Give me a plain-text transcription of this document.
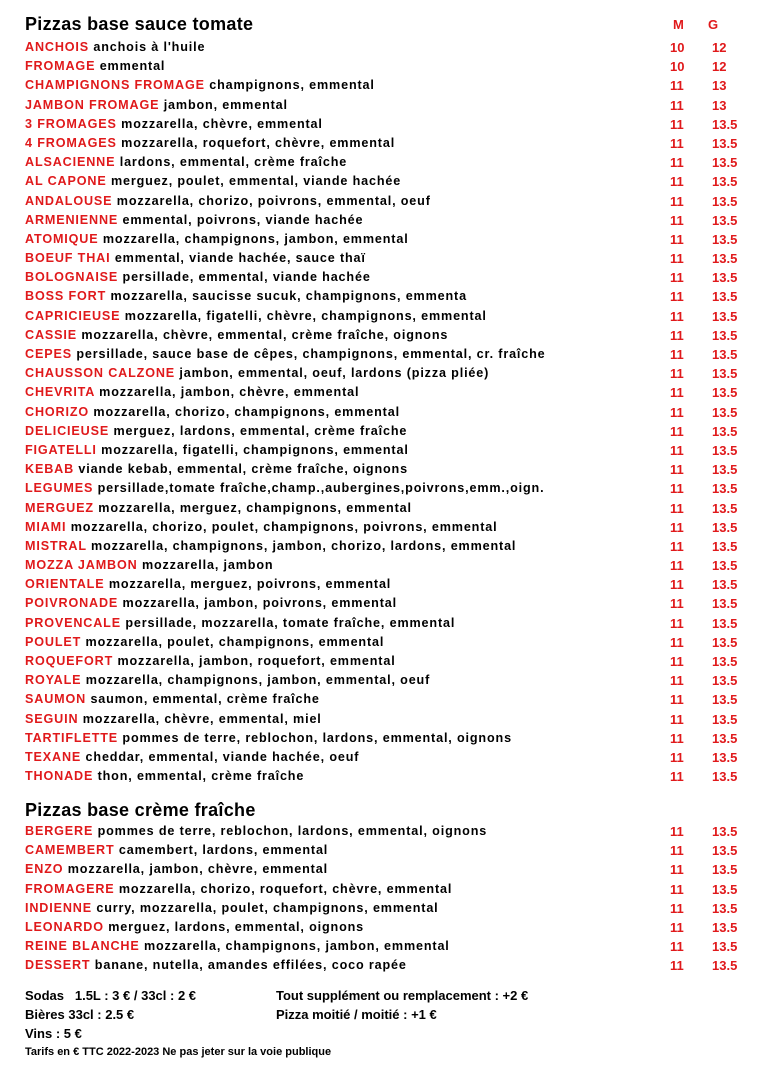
Pizzas base sauce tomate	M G
ANCHOIS anchois à l'huile	10 12
FROMAGE emmental	10 12
CHAMPIGNONS FROMAGE champignons, emmental	11 13
JAMBON FROMAGE jambon, emmental	11 13
3 FROMAGES mozzarella, chèvre, emmental	11 13.5
4 FROMAGES mozzarella, roquefort, chèvre, emmental	11 13.5
ALSACIENNE lardons, emmental, crème fraîche	11 13.5
AL CAPONE merguez, poulet, emmental, viande hachée	11 13.5
ANDALOUSE mozzarella, chorizo, poivrons, emmental, oeuf	11 13.5
ARMENIENNE emmental, poivrons, viande hachée	11 13.5
ATOMIQUE mozzarella, champignons, jambon, emmental	11 13.5
BOEUF THAI emmental, viande hachée, sauce thaï	11 13.5
BOLOGNAISE persillade, emmental, viande hachée	11 13.5
BOSS FORT mozzarella, saucisse sucuk, champignons, emmenta	11 13.5
CAPRICIEUSE mozzarella, figatelli, chèvre, champignons, emmental	11 13.5
CASSIE mozzarella, chèvre, emmental, crème fraîche, oignons	11 13.5
CEPES persillade, sauce base de cêpes, champignons, emmental, cr. fraîche	11 13.5
CHAUSSON CALZONE jambon, emmental, oeuf, lardons (pizza pliée)	11 13.5
CHEVRITA mozzarella, jambon, chèvre, emmental	11 13.5
CHORIZO mozzarella, chorizo, champignons, emmental	11 13.5
DELICIEUSE merguez, lardons, emmental, crème fraîche	11 13.5
FIGATELLI mozzarella, figatelli, champignons, emmental	11 13.5
KEBAB viande kebab, emmental, crème fraîche, oignons	11 13.5
LEGUMES persillade,tomate fraîche,champ.,aubergines,poivrons,emm.,oign.	11 13.5
MERGUEZ mozzarella, merguez, champignons, emmental	11 13.5
MIAMI mozzarella, chorizo, poulet, champignons, poivrons, emmental	11 13.5
MISTRAL mozzarella, champignons, jambon, chorizo, lardons, emmental	11 13.5
MOZZA JAMBON mozzarella, jambon	11 13.5
ORIENTALE mozzarella, merguez, poivrons, emmental	11 13.5
POIVRONADE mozzarella, jambon, poivrons, emmental	11 13.5
PROVENCALE persillade, mozzarella, tomate fraîche, emmental	11 13.5
POULET mozzarella, poulet, champignons, emmental	11 13.5
ROQUEFORT mozzarella, jambon, roquefort, emmental	11 13.5
ROYALE mozzarella, champignons, jambon, emmental, oeuf	11 13.5
SAUMON saumon, emmental, crème fraîche	11 13.5
SEGUIN mozzarella, chèvre, emmental, miel	11 13.5
TARTIFLETTE pommes de terre, reblochon, lardons, emmental, oignons	11 13.5
TEXANE cheddar, emmental, viande hachée, oeuf	11 13.5
THONADE thon, emmental, crème fraîche	11 13.5
Pizzas base crème fraîche
BERGERE pommes de terre, reblochon, lardons, emmental, oignons	11 13.5
CAMEMBERT camembert, lardons, emmental	11 13.5
ENZO mozzarella, jambon, chèvre, emmental	11 13.5
FROMAGERE mozzarella, chorizo, roquefort, chèvre, emmental	11 13.5
INDIENNE curry, mozzarella, poulet, champignons, emmental	11 13.5
LEONARDO merguez, lardons, emmental, oignons	11 13.5
REINE BLANCHE mozzarella, champignons, jambon, emmental	11 13.5
DESSERT banane, nutella, amandes effilées, coco rapée	11 13.5
Sodas   1.5L : 3 € / 33cl : 2 €
Bières 33cl : 2.5 €
Vins : 5 €
Tout supplément ou remplacement : +2 €
Pizza moitié / moitié : +1 €
Tarifs en € TTC 2022-2023 Ne pas jeter sur la voie publique
